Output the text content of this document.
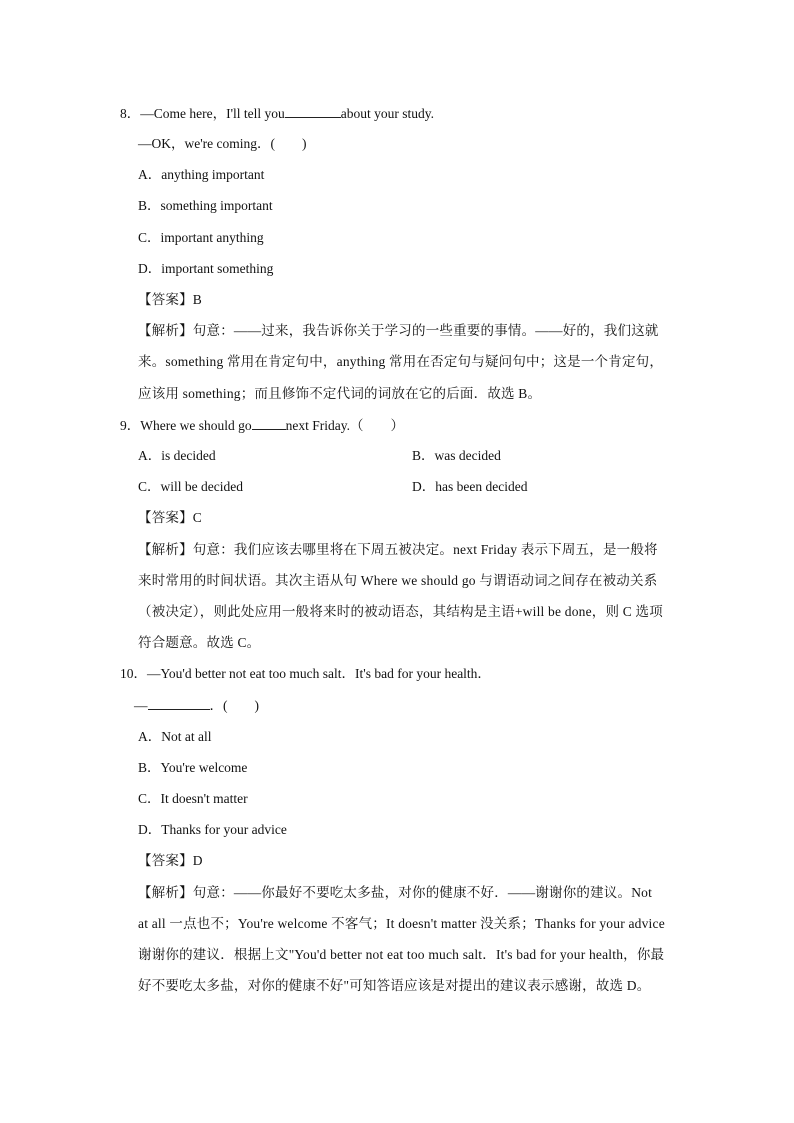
8．—Come here，I'll tell you	about your study.
—OK，we're coming．(　　)
A．anything important
B．something important
C．important anything
D．important something
【答案】B
【解析】句意：——过来，我告诉你关于学习的一些重要的事情。——好的，我们这就
来。something 常用在肯定句中，anything 常用在否定句与疑问句中；这是一个肯定句，
应该用 something；而且修饰不定代词的词放在它的后面．故选 B。
9．Where we should go	next Friday.（　　）
A．is decided	B．was decided
C．will be decided	D．has been decided
【答案】C
【解析】句意：我们应该去哪里将在下周五被决定。next Friday 表示下周五，是一般将
来时常用的时间状语。其次主语从句 Where we should go 与谓语动词之间存在被动关系
（被决定），则此处应用一般将来时的被动语态，其结构是主语+will be done，则 C 选项
符合题意。故选 C。
10．—You'd better not eat too much salt．It's bad for your health．
—	．(　　)
A．Not at all
B．You're welcome
C．It doesn't matter
D．Thanks for your advice
【答案】D
【解析】句意：——你最好不要吃太多盐，对你的健康不好．——谢谢你的建议。Not
at all 一点也不；You're welcome 不客气；It doesn't matter 没关系；Thanks for your advice
谢谢你的建议．根据上文"You'd better not eat too much salt．It's bad for your health，你最
好不要吃太多盐，对你的健康不好"可知答语应该是对提出的建议表示感谢，故选 D。
